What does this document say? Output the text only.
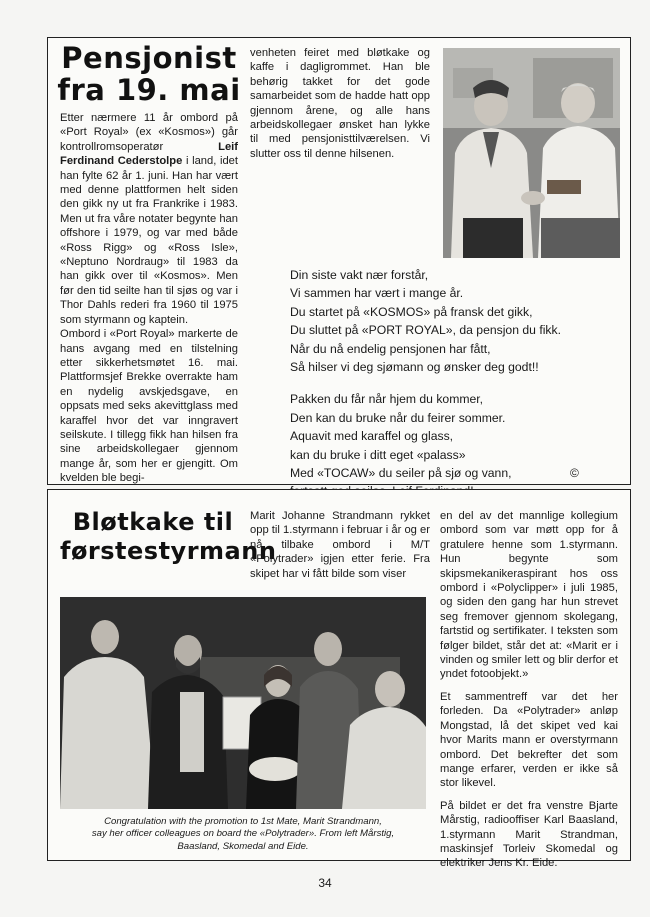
Pensjonist
fra 19. mai

Etter nærmere 11 år ombord på «Port Royal» (ex «Kosmos») går kontrollromsoperatør Leif Ferdinand Cederstolpe i land, idet han fylte 62 år 1. juni. Han har vært med denne plattformen helt siden den gikk ny ut fra Frankrike i 1983. Men ut fra våre notater begynte han offshore i 1979, og var med både «Ross Rigg» og «Ross Isle», «Neptuno Nordraug» til 1983 da han gikk over til «Kosmos». Men før den tid seilte han til sjøs og var i Thor Dahls rederi fra 1960 til 1975 som styrmann og kaptein.

Ombord i «Port Royal» markerte de hans avgang med en tilstelning etter sikkerhetsmøtet 16. mai. Plattformsjef Brekke overrakte ham en nydelig avskjedsgave, en oppsats med seks akevittglass med karaffel hvor det var inngravert seilskute. I tillegg fikk han hilsen fra sine arbeidskollegaer gjennom mange år, som her er gjengitt. Om kvelden ble begi-

venheten feiret med bløtkake og kaffe i dagligrommet. Han ble behørig takket for det gode samarbeidet som de hadde hatt opp gjennom årene, og alle hans arbeidskollegaer ønsket han lykke til med pensjonisttilværelsen. Vi slutter oss til denne hilsenen.

Din siste vakt nær forstår,
Vi sammen har vært i mange år.
Du startet på «KOSMOS» på fransk det gikk,
Du sluttet på «PORT ROYAL», da pensjon du fikk.
Når du nå endelig pensjonen har fått,
Så hilser vi deg sjømann og ønsker deg godt!!
Pakken du får når hjem du kommer,
Den kan du bruke når du feirer sommer.
Aquavit med karaffel og glass,
kan du bruke i ditt eget «palass»
Med «TOCAW» du seiler på sjø og vann,	©
Bløtkake til
førstestyrmann

Marit Johanne Strandmann rykket opp til 1.styrmann i februar i år og er nå tilbake ombord i M/T «Polytrader» igjen etter ferie. Fra skipet har vi fått bilde som viser

en del av det mannlige kollegium ombord som var møtt opp for å gratulere henne som 1.styrmann. Hun begynte som skipsmekanikeraspirant hos oss ombord i «Polyclipper» i juli 1985, og siden den gang har hun strevet seg fremover gjennom skolegang, fartstid og sertifikater. I teksten som følger bildet, står det at: «Marit er i vinden og smiler lett og blir derfor et yndet fotoobjekt.»

Et sammentreff var det her forleden. Da «Polytrader» anløp Mongstad, lå det skipet ved kai hvor Marits mann er overstyrmann ombord. Det bekrefter det som mange erfarer, verden er ikke så stor likevel.

På bildet er det fra venstre Bjarte Mårstig, radiooffiser Karl Baasland, 1.styrmann Marit Strandman, maskinsjef Torleiv Skomedal og elektriker Jens Kr. Eide.

Congratulation with the promotion to 1st Mate, Marit Strandmann,
say her officer colleagues on board the «Polytrader». From left Mårstig,
Baasland, Skomedal and Eide.
34
